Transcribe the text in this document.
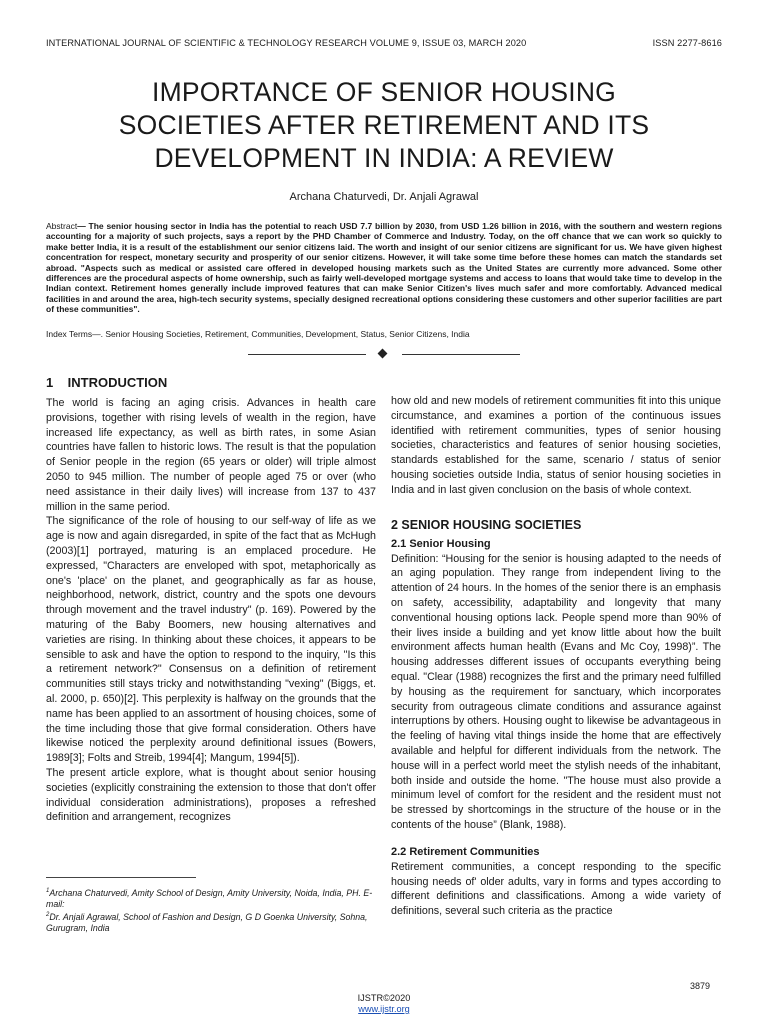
INTERNATIONAL JOURNAL OF SCIENTIFIC & TECHNOLOGY RESEARCH VOLUME 9, ISSUE 03, MARCH 2020	ISSN 2277-8616
IMPORTANCE OF SENIOR HOUSING
SOCIETIES AFTER RETIREMENT AND ITS
DEVELOPMENT IN INDIA: A REVIEW
Archana Chaturvedi, Dr. Anjali Agrawal
Abstract— The senior housing sector in India has the potential to reach USD 7.7 billion by 2030, from USD 1.26 billion in 2016, with the southern and western regions accounting for a majority of such projects, says a report by the PHD Chamber of Commerce and Industry. Today, on the off chance that we can work so quickly to make better India, it is a result of the establishment our senior citizens laid. The worth and insight of our senior citizens are significant for us. We have given highest concentration for respect, monetary security and prosperity of our senior citizens. However, it will take some time before these homes can match the standards set abroad. "Aspects such as medical or assisted care offered in developed housing markets such as the United States are currently more advanced. Some other differences are the procedural aspects of home ownership, such as fairly well-developed mortgage systems and access to loans that would take time to develop in the Indian context. Retirement homes generally include improved features that can make Senior Citizen's lives much safer and more comfortably. Advanced medical facilities in and around the area, high-tech security systems, specially designed recreational options considering these customers and other superior facilities are part of these communities".
Index Terms—. Senior Housing Societies, Retirement, Communities, Development, Status, Senior Citizens, India
1 INTRODUCTION

The world is facing an aging crisis. Advances in health care provisions, together with rising levels of wealth in the region, have increased life expectancy, as well as birth rates, in some Asian countries have fallen to historic lows. The result is that the population of Senior people in the region (65 years or older) will triple almost 2050 to 945 million. The number of people aged 75 or over (who need assistance in their daily lives) will increase from 137 to 437 million in the same period.

The significance of the role of housing to our self-way of life as we age is now and again disregarded, in spite of the fact that as McHugh (2003)[1] portrayed, maturing is an emplaced procedure. He expressed, "Characters are enveloped with spot, metaphorically as one's 'place' on the planet, and geographically as far as house, neighborhood, network, district, country and the spots one devours through movement and the travel industry" (p. 169). Powered by the maturing of the Baby Boomers, new housing alternatives and varieties are rising. In thinking about these choices, it appears to be sensible to ask and have the option to respond to the inquiry, "Is this a retirement network?" Consensus on a definition of retirement communities still stays tricky and notwithstanding "vexing" (Biggs, et. al. 2000, p. 650)[2]. This perplexity is halfway on the grounds that the name has been applied to an assortment of housing choices, some of the time including those that give formal consideration. Others have likewise noticed the perplexity around definitional issues (Bowers, 1989[3]; Folts and Streib, 1994[4]; Mangum, 1994[5]).

The present article explore, what is thought about senior housing societies (explicitly constraining the extension to those that don't offer individual consideration administrations), proposes a refreshed definition and arrangement, recognizes

how old and new models of retirement communities fit into this unique circumstance, and examines a portion of the continuous issues identified with retirement communities, types of senior housing societies, characteristics and features of senior housing societies, standards established for the same, scenario / status of senior housing societies outside India, status of senior housing societies in India and in last given conclusion on the basis of whole context.

2 SENIOR HOUSING SOCIETIES
2.1 Senior Housing

Definition: “Housing for the senior is housing adapted to the needs of an aging population. They range from independent living to the attention of 24 hours. In the homes of the senior there is an emphasis on safety, accessibility, adaptability and longevity that many conventional housing options lack. People spend more than 90% of their lives inside a building and yet know little about how the built environment affects human health (Evans and Mc Coy, 1998)”. The housing addresses different issues of occupants everything being equal. "Clear (1988) recognizes the first and the primary need fulfilled by housing as the requirement for sanctuary, which incorporates security from outrageous climate conditions and assurance against interruptions by others. Housing ought to likewise be advantageous in the feeling of having vital things inside the home that are effectively available and helpful for different individuals from the network. The house will in a perfect world meet the stylish needs of the inhabitant, both inside and outside the home. "The house must also provide a minimum level of comfort for the resident and the resident must not be stressed by shortcomings in the structure of the house or in the contents of the house” (Blank, 1988).

2.2 Retirement Communities

Retirement communities, a concept responding to the specific housing needs of' older adults, vary in forms and types according to different definitions and classifications. Among a wide variety of definitions, several such criteria as the practice

$^1$Archana Chaturvedi, Amity School of Design, Amity University, Noida, India, PH. E-mail:

$^2$Dr. Anjali Agrawal, School of Fashion and Design, G D Goenka University, Sohna, Gurugram, India

3879
IJSTR©2020
www.ijstr.org
